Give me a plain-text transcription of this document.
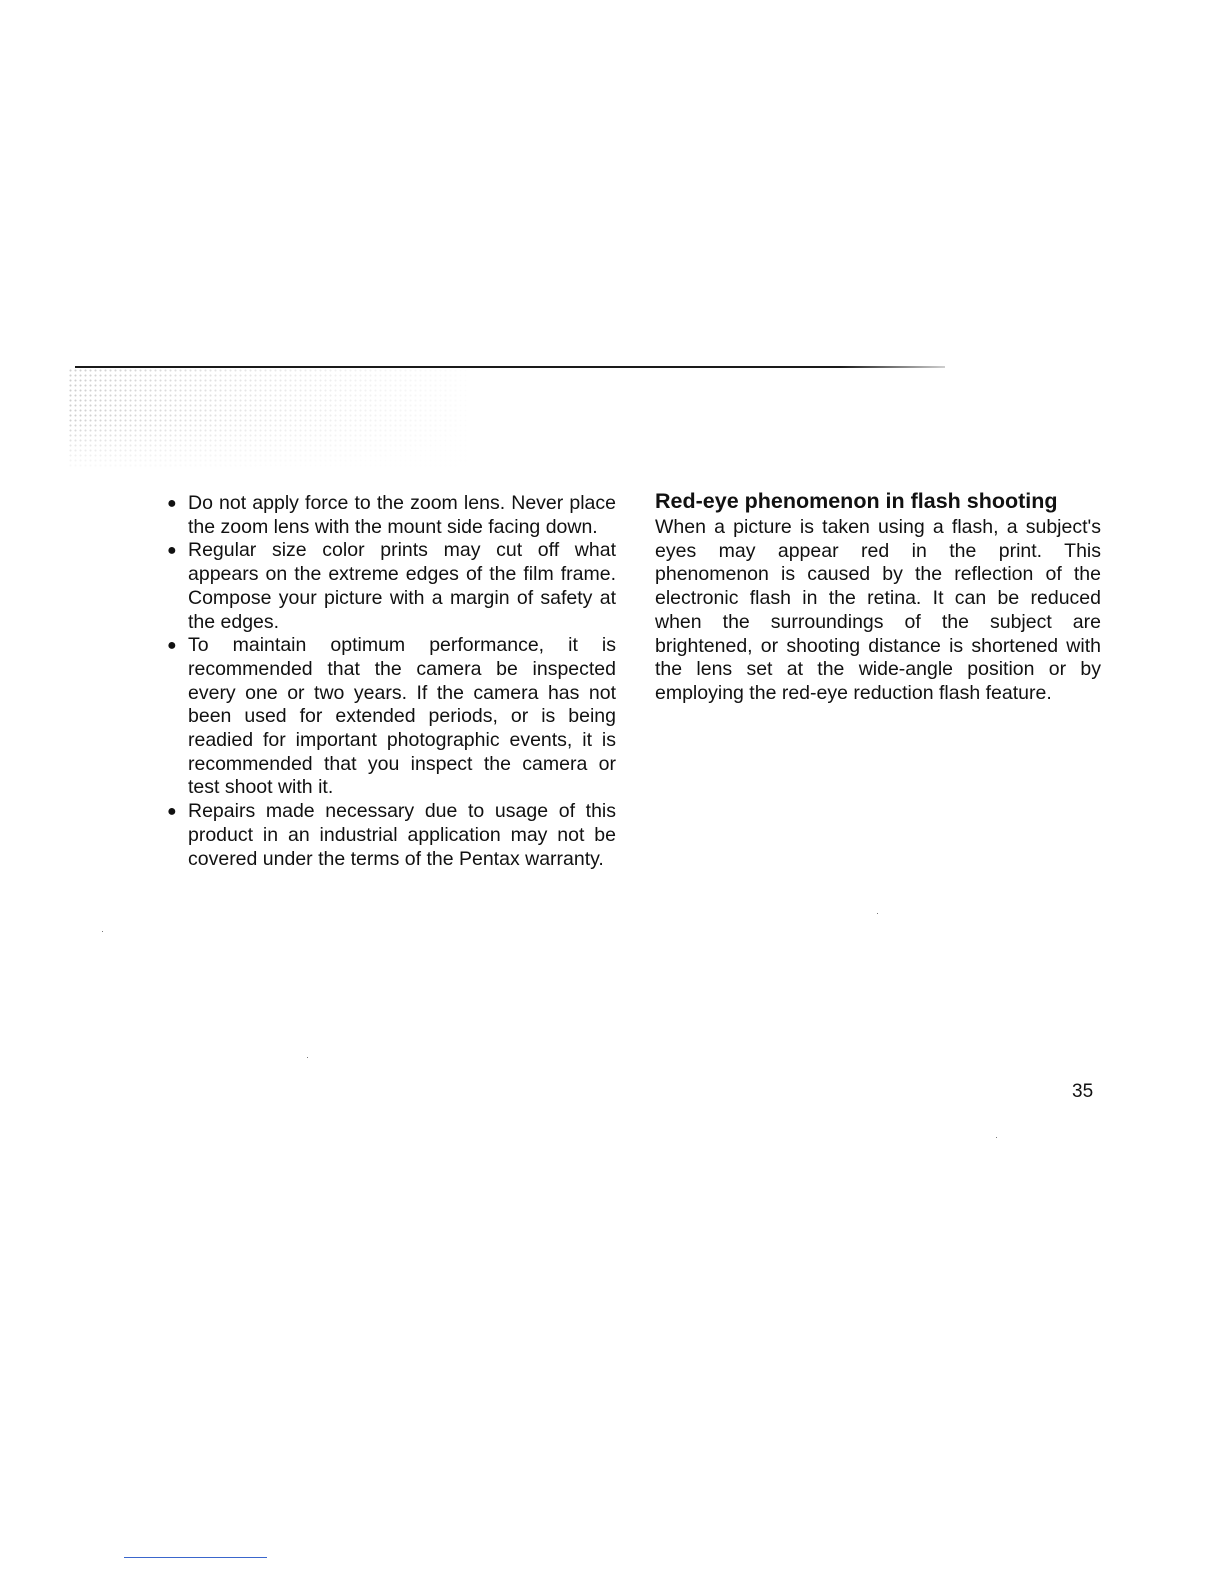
● Do not apply force to the zoom lens. Never place the zoom lens with the mount side facing down.
● Regular size color prints may cut off what appears on the extreme edges of the film frame. Compose your picture with a margin of safety at the edges.
● To maintain optimum performance, it is recommended that the camera be inspected every one or two years. If the camera has not been used for extended periods, or is being readied for important photographic events, it is recommended that you inspect the camera or test shoot with it.
● Repairs made necessary due to usage of this product in an industrial application may not be covered under the terms of the Pentax warranty.
Red-eye phenomenon in flash shooting

When a picture is taken using a flash, a subject's eyes may appear red in the print. This phenomenon is caused by the reflection of the electronic flash in the retina. It can be reduced when the surroundings of the subject are brightened, or shooting distance is shortened with the lens set at the wide-angle position or by employing the red-eye reduction flash feature.

35
